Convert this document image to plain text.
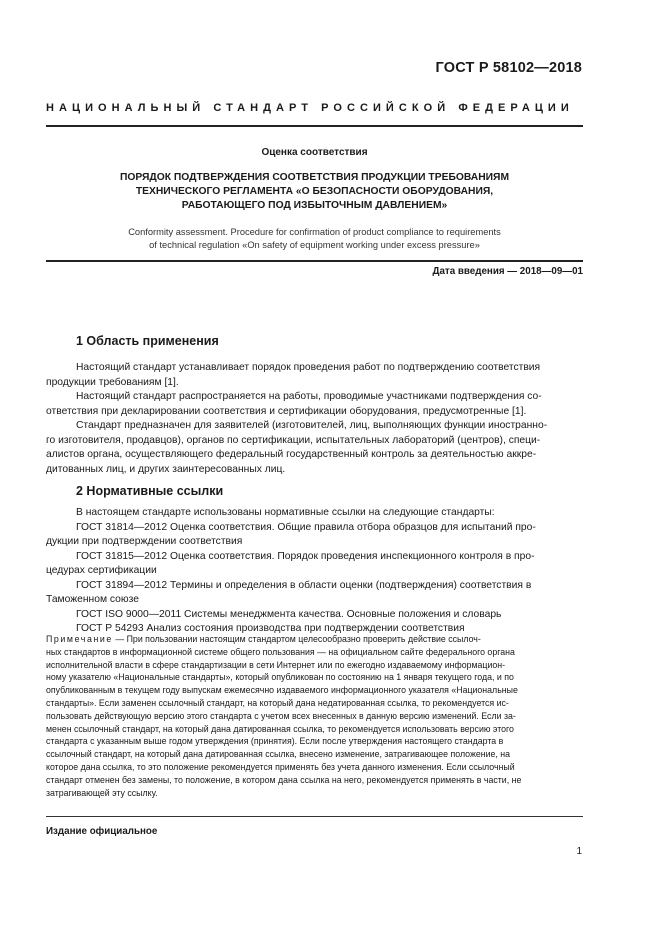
ГОСТ Р 58102—2018
НАЦИОНАЛЬНЫЙ СТАНДАРТ РОССИЙСКОЙ ФЕДЕРАЦИИ
Оценка соответствия
ПОРЯДОК ПОДТВЕРЖДЕНИЯ СООТВЕТСТВИЯ ПРОДУКЦИИ ТРЕБОВАНИЯМ
ТЕХНИЧЕСКОГО РЕГЛАМЕНТА «О БЕЗОПАСНОСТИ ОБОРУДОВАНИЯ,
РАБОТАЮЩЕГО ПОД ИЗБЫТОЧНЫМ ДАВЛЕНИЕМ»
Conformity assessment. Procedure for confirmation of product compliance to requirements
of technical regulation «On safety of equipment working under excess pressure»
Дата введения — 2018—09—01
1 Область применения
Настоящий стандарт устанавливает порядок проведения работ по подтверждению соответствия
продукции требованиям [1].
Настоящий стандарт распространяется на работы, проводимые участниками подтверждения со-
ответствия при декларировании соответствия и сертификации оборудования, предусмотренные [1].
Стандарт предназначен для заявителей (изготовителей, лиц, выполняющих функции иностранно-
го изготовителя, продавцов), органов по сертификации, испытательных лабораторий (центров), специ-
алистов органа, осуществляющего федеральный государственный контроль за деятельностью аккре-
дитованных лиц, и других заинтересованных лиц.
2 Нормативные ссылки
В настоящем стандарте использованы нормативные ссылки на следующие стандарты:
ГОСТ 31814—2012 Оценка соответствия. Общие правила отбора образцов для испытаний про-
дукции при подтверждении соответствия
ГОСТ 31815—2012 Оценка соответствия. Порядок проведения инспекционного контроля в про-
цедурах сертификации
ГОСТ 31894—2012 Термины и определения в области оценки (подтверждения) соответствия в
Таможенном союзе
ГОСТ ISO 9000—2011 Системы менеджмента качества. Основные положения и словарь
ГОСТ Р 54293 Анализ состояния производства при подтверждении соответствия
Примечание — При пользовании настоящим стандартом целесообразно проверить действие ссылоч-
ных стандартов в информационной системе общего пользования — на официальном сайте федерального органа
исполнительной власти в сфере стандартизации в сети Интернет или по ежегодно издаваемому информацион-
ному указателю «Национальные стандарты», который опубликован по состоянию на 1 января текущего года, и по
опубликованным в текущем году выпускам ежемесячно издаваемого информационного указателя «Национальные
стандарты». Если заменен ссылочный стандарт, на который дана недатированная ссылка, то рекомендуется ис-
пользовать действующую версию этого стандарта с учетом всех внесенных в данную версию изменений. Если за-
менен ссылочный стандарт, на который дана датированная ссылка, то рекомендуется использовать версию этого
стандарта с указанным выше годом утверждения (принятия). Если после утверждения настоящего стандарта в
ссылочный стандарт, на который дана датированная ссылка, внесено изменение, затрагивающее положение, на
которое дана ссылка, то это положение рекомендуется применять без учета данного изменения. Если ссылочный
стандарт отменен без замены, то положение, в котором дана ссылка на него, рекомендуется применять в части, не
затрагивающей эту ссылку.
Издание официальное
1
